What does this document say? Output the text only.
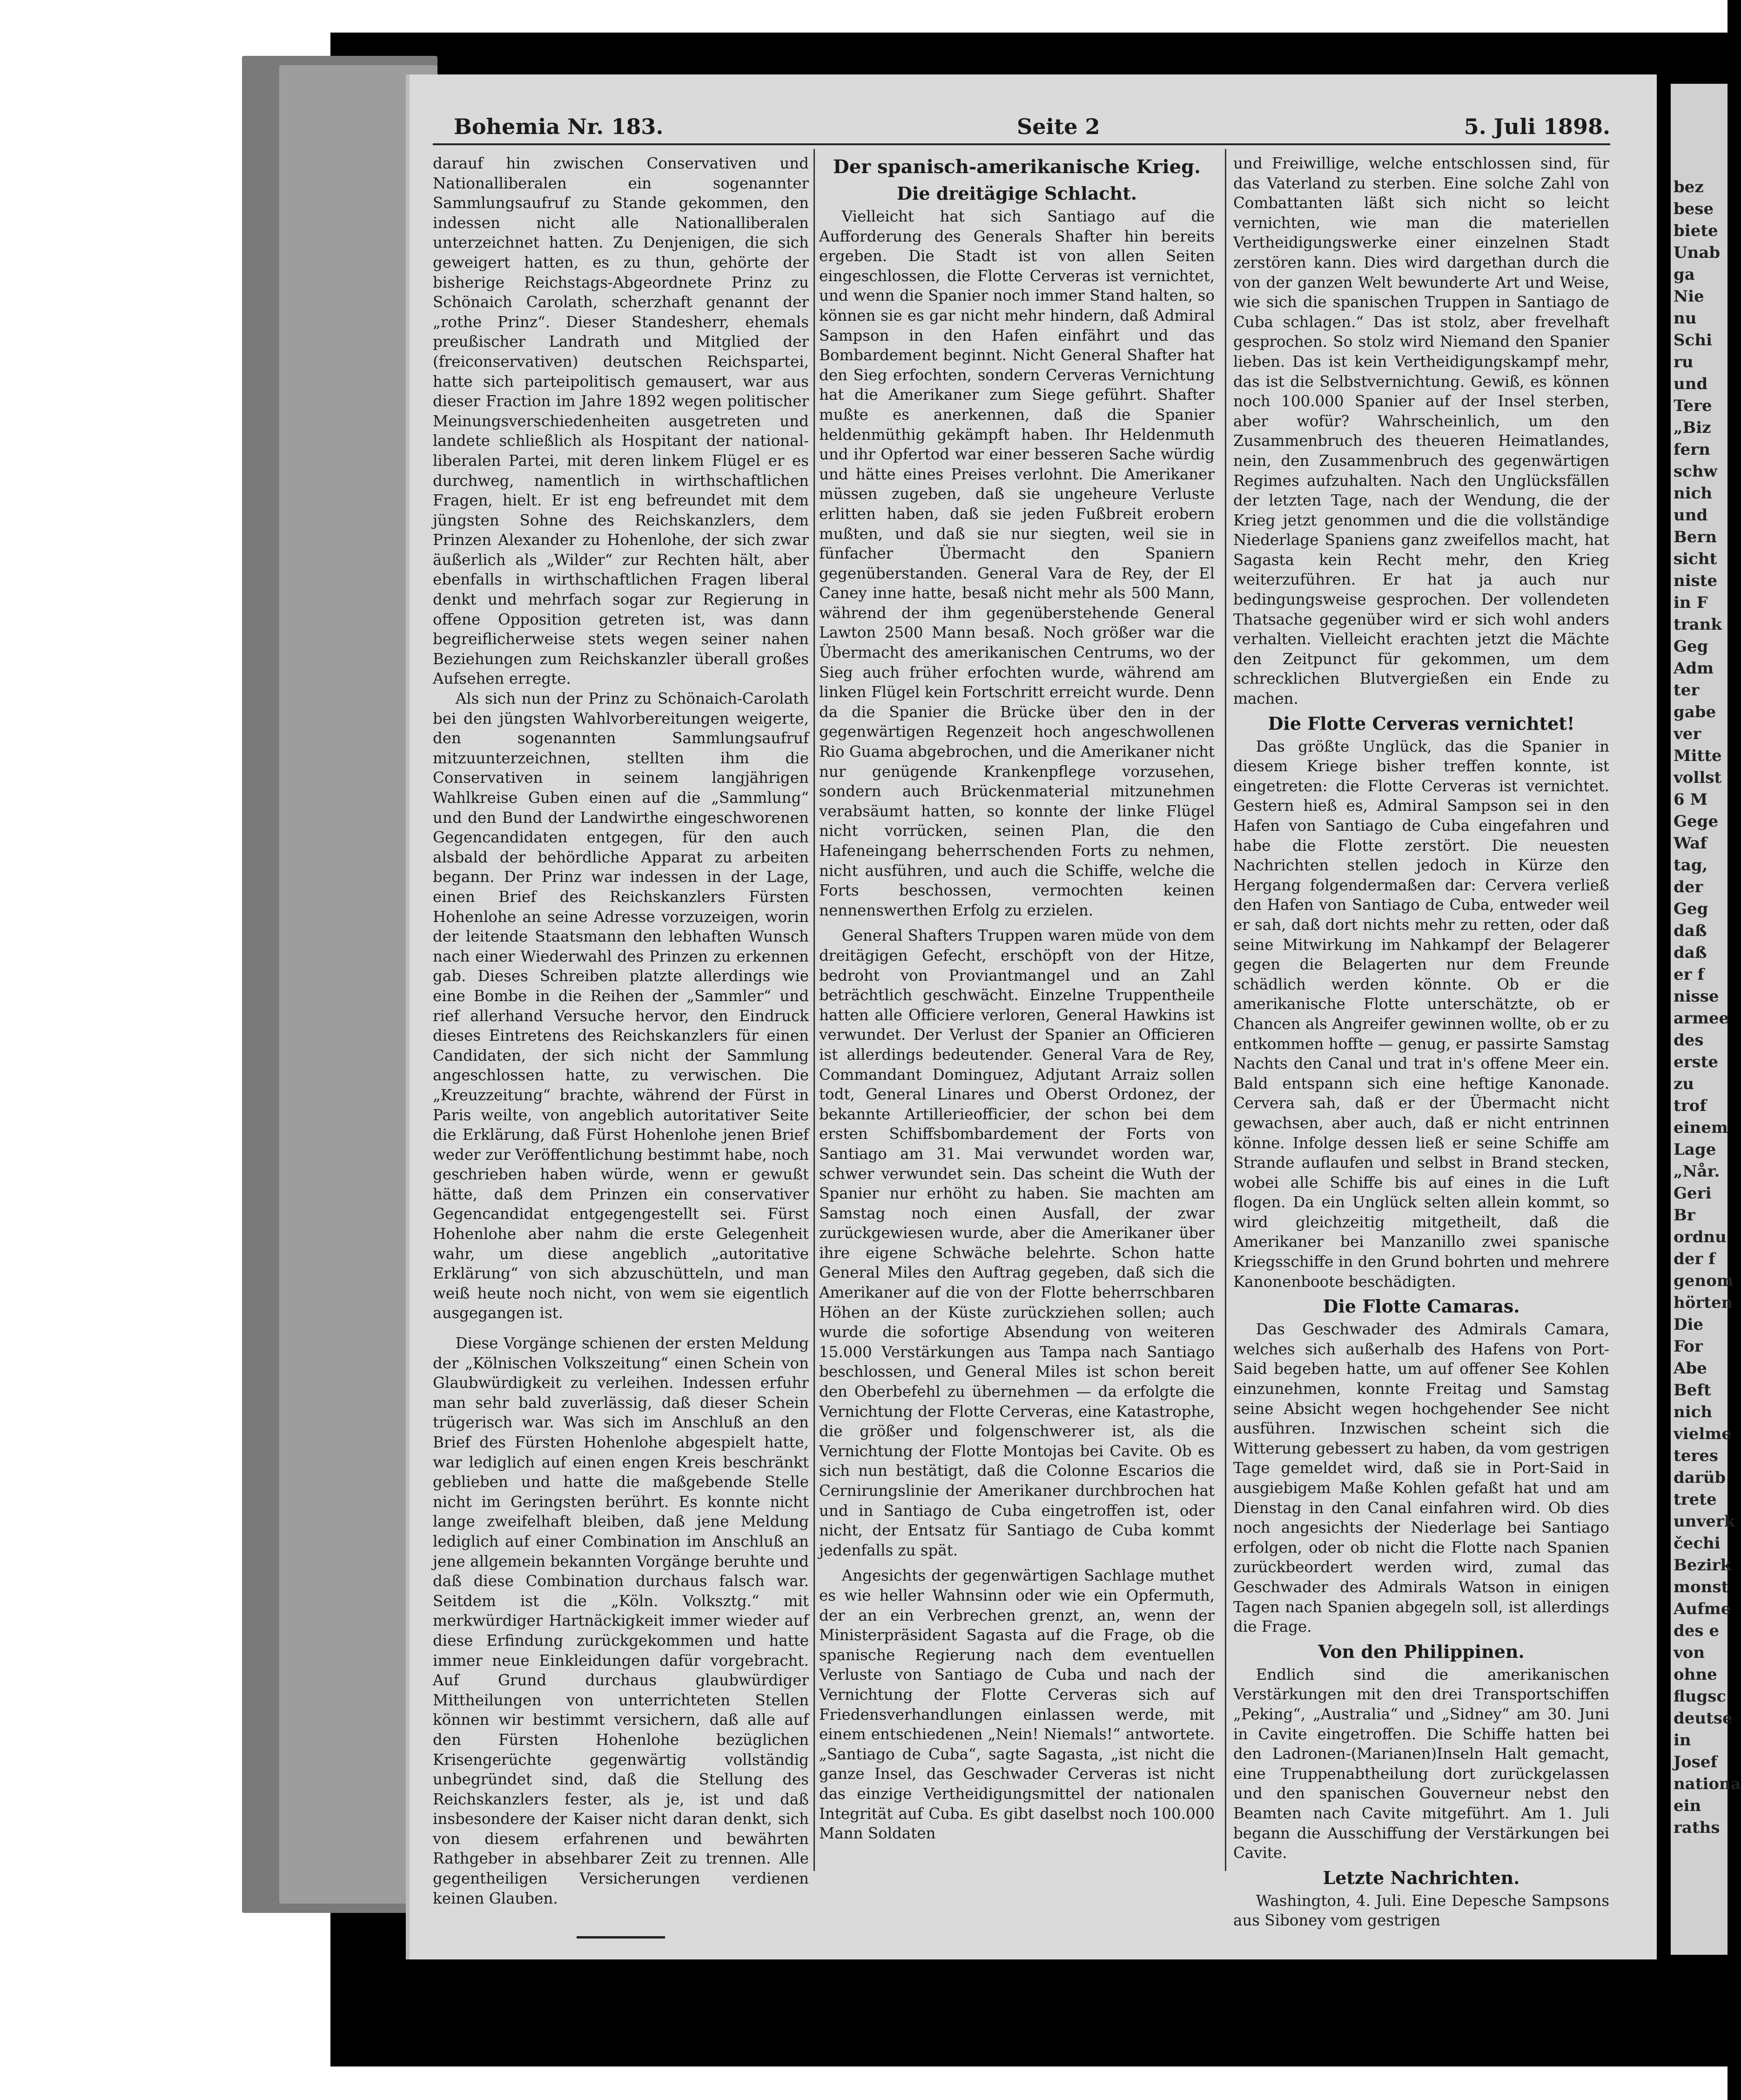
bez
bese
biete
Unab
ga
Nie
nu
Schi
ru
und
Tere
„Biz
fern
schw
nich
und
Bern
sicht
niste
in F
trank
Geg
Adm
ter
gabe
ver
Mitte
vollst
6 M
Gege
Waf
tag,
der
Geg
daß
daß
er f
nisse
armee
des
erste
zu
trof
einem
Lage
„Når.
Geri
Br
ordnu
der f
genom
hörten
Die
For
Abe
Beft
nich
vielme
teres
darüb
trete
unverk
čechi
Bezirk
monst
Aufme
des e
von
ohne
flugsc
deutse
in
Josef
nationa
ein
raths
Bohemia Nr. 183.	Seite 2	5. Juli 1898.

darauf hin zwischen Conservativen und Nationalliberalen ein sogenannter Sammlungsaufruf zu Stande gekommen, den indessen nicht alle Nationalliberalen unterzeichnet hatten. Zu Denjenigen, die sich geweigert hatten, es zu thun, gehörte der bisherige Reichstags-Abgeordnete Prinz zu Schönaich Carolath, scherzhaft genannt der „rothe Prinz“. Dieser Standesherr, ehemals preußischer Landrath und Mitglied der (freiconservativen) deutschen Reichspartei, hatte sich parteipolitisch gemausert, war aus dieser Fraction im Jahre 1892 wegen politischer Meinungsverschiedenheiten ausgetreten und landete schließlich als Hospitant der national-liberalen Partei, mit deren linkem Flügel er es durchweg, namentlich in wirthschaftlichen Fragen, hielt. Er ist eng befreundet mit dem jüngsten Sohne des Reichskanzlers, dem Prinzen Alexander zu Hohenlohe, der sich zwar äußerlich als „Wilder“ zur Rechten hält, aber ebenfalls in wirthschaftlichen Fragen liberal denkt und mehrfach sogar zur Regierung in offene Opposition getreten ist, was dann begreiflicherweise stets wegen seiner nahen Beziehungen zum Reichskanzler überall großes Aufsehen erregte.

Als sich nun der Prinz zu Schönaich-Carolath bei den jüngsten Wahlvorbereitungen weigerte, den sogenannten Sammlungsaufruf mitzuunterzeichnen, stellten ihm die Conservativen in seinem langjährigen Wahlkreise Guben einen auf die „Sammlung“ und den Bund der Landwirthe eingeschworenen Gegencandidaten entgegen, für den auch alsbald der behördliche Apparat zu arbeiten begann. Der Prinz war indessen in der Lage, einen Brief des Reichskanzlers Fürsten Hohenlohe an seine Adresse vorzuzeigen, worin der leitende Staatsmann den lebhaften Wunsch nach einer Wiederwahl des Prinzen zu erkennen gab. Dieses Schreiben platzte allerdings wie eine Bombe in die Reihen der „Sammler“ und rief allerhand Versuche hervor, den Eindruck dieses Eintretens des Reichskanzlers für einen Candidaten, der sich nicht der Sammlung angeschlossen hatte, zu verwischen. Die „Kreuzzeitung“ brachte, während der Fürst in Paris weilte, von angeblich autoritativer Seite die Erklärung, daß Fürst Hohenlohe jenen Brief weder zur Veröffentlichung bestimmt habe, noch geschrieben haben würde, wenn er gewußt hätte, daß dem Prinzen ein conservativer Gegencandidat entgegengestellt sei. Fürst Hohenlohe aber nahm die erste Gelegenheit wahr, um diese angeblich „autoritative Erklärung“ von sich abzuschütteln, und man weiß heute noch nicht, von wem sie eigentlich ausgegangen ist.

Diese Vorgänge schienen der ersten Meldung der „Kölnischen Volkszeitung“ einen Schein von Glaubwürdigkeit zu verleihen. Indessen erfuhr man sehr bald zuverlässig, daß dieser Schein trügerisch war. Was sich im Anschluß an den Brief des Fürsten Hohenlohe abgespielt hatte, war lediglich auf einen engen Kreis beschränkt geblieben und hatte die maßgebende Stelle nicht im Geringsten berührt. Es konnte nicht lange zweifelhaft bleiben, daß jene Meldung lediglich auf einer Combination im Anschluß an jene allgemein bekannten Vorgänge beruhte und daß diese Combination durchaus falsch war. Seitdem ist die „Köln. Volksztg.“ mit merkwürdiger Hartnäckigkeit immer wieder auf diese Erfindung zurückgekommen und hatte immer neue Einkleidungen dafür vorgebracht. Auf Grund durchaus glaubwürdiger Mittheilungen von unterrichteten Stellen können wir bestimmt versichern, daß alle auf den Fürsten Hohenlohe bezüglichen Krisengerüchte gegenwärtig vollständig unbegründet sind, daß die Stellung des Reichskanzlers fester, als je, ist und daß insbesondere der Kaiser nicht daran denkt, sich von diesem erfahrenen und bewährten Rathgeber in absehbarer Zeit zu trennen. Alle gegentheiligen Versicherungen verdienen keinen Glauben.

Der spanisch-amerikanische Krieg.

Die dreitägige Schlacht.

Vielleicht hat sich Santiago auf die Aufforderung des Generals Shafter hin bereits ergeben. Die Stadt ist von allen Seiten eingeschlossen, die Flotte Cerveras ist vernichtet, und wenn die Spanier noch immer Stand halten, so können sie es gar nicht mehr hindern, daß Admiral Sampson in den Hafen einfährt und das Bombardement beginnt. Nicht General Shafter hat den Sieg erfochten, sondern Cerveras Vernichtung hat die Amerikaner zum Siege geführt. Shafter mußte es anerkennen, daß die Spanier heldenmüthig gekämpft haben. Ihr Heldenmuth und ihr Opfertod war einer besseren Sache würdig und hätte eines Preises verlohnt. Die Amerikaner müssen zugeben, daß sie ungeheure Verluste erlitten haben, daß sie jeden Fußbreit erobern mußten, und daß sie nur siegten, weil sie in fünfacher Übermacht den Spaniern gegenüberstanden. General Vara de Rey, der El Caney inne hatte, besaß nicht mehr als 500 Mann, während der ihm gegenüberstehende General Lawton 2500 Mann besaß. Noch größer war die Übermacht des amerikanischen Centrums, wo der Sieg auch früher erfochten wurde, während am linken Flügel kein Fortschritt erreicht wurde. Denn da die Spanier die Brücke über den in der gegenwärtigen Regenzeit hoch angeschwollenen Rio Guama abgebrochen, und die Amerikaner nicht nur genügende Krankenpflege vorzusehen, sondern auch Brückenmaterial mitzunehmen verabsäumt hatten, so konnte der linke Flügel nicht vorrücken, seinen Plan, die den Hafeneingang beherrschenden Forts zu nehmen, nicht ausführen, und auch die Schiffe, welche die Forts beschossen, vermochten keinen nennenswerthen Erfolg zu erzielen.

General Shafters Truppen waren müde von dem dreitägigen Gefecht, erschöpft von der Hitze, bedroht von Proviantmangel und an Zahl beträchtlich geschwächt. Einzelne Truppentheile hatten alle Officiere verloren, General Hawkins ist verwundet. Der Verlust der Spanier an Officieren ist allerdings bedeutender. General Vara de Rey, Commandant Dominguez, Adjutant Arraiz sollen todt, General Linares und Oberst Ordonez, der bekannte Artillerieofficier, der schon bei dem ersten Schiffsbombardement der Forts von Santiago am 31. Mai verwundet worden war, schwer verwundet sein. Das scheint die Wuth der Spanier nur erhöht zu haben. Sie machten am Samstag noch einen Ausfall, der zwar zurückgewiesen wurde, aber die Amerikaner über ihre eigene Schwäche belehrte. Schon hatte General Miles den Auftrag gegeben, daß sich die Amerikaner auf die von der Flotte beherrschbaren Höhen an der Küste zurückziehen sollen; auch wurde die sofortige Absendung von weiteren 15.000 Verstärkungen aus Tampa nach Santiago beschlossen, und General Miles ist schon bereit den Oberbefehl zu übernehmen — da erfolgte die Vernichtung der Flotte Cerveras, eine Katastrophe, die größer und folgenschwerer ist, als die Vernichtung der Flotte Montojas bei Cavite. Ob es sich nun bestätigt, daß die Colonne Escarios die Cernirungslinie der Amerikaner durchbrochen hat und in Santiago de Cuba eingetroffen ist, oder nicht, der Entsatz für Santiago de Cuba kommt jedenfalls zu spät.

Angesichts der gegenwärtigen Sachlage muthet es wie heller Wahnsinn oder wie ein Opfermuth, der an ein Verbrechen grenzt, an, wenn der Ministerpräsident Sagasta auf die Frage, ob die spanische Regierung nach dem eventuellen Verluste von Santiago de Cuba und nach der Vernichtung der Flotte Cerveras sich auf Friedensverhandlungen einlassen werde, mit einem entschiedenen „Nein! Niemals!“ antwortete. „Santiago de Cuba“, sagte Sagasta, „ist nicht die ganze Insel, das Geschwader Cerveras ist nicht das einzige Vertheidigungsmittel der nationalen Integrität auf Cuba. Es gibt daselbst noch 100.000 Mann Soldaten

und Freiwillige, welche entschlossen sind, für das Vaterland zu sterben. Eine solche Zahl von Combattanten läßt sich nicht so leicht vernichten, wie man die materiellen Vertheidigungswerke einer einzelnen Stadt zerstören kann. Dies wird dargethan durch die von der ganzen Welt bewunderte Art und Weise, wie sich die spanischen Truppen in Santiago de Cuba schlagen.“ Das ist stolz, aber frevelhaft gesprochen. So stolz wird Niemand den Spanier lieben. Das ist kein Vertheidigungskampf mehr, das ist die Selbstvernichtung. Gewiß, es können noch 100.000 Spanier auf der Insel sterben, aber wofür? Wahrscheinlich, um den Zusammenbruch des theueren Heimatlandes, nein, den Zusammenbruch des gegenwärtigen Regimes aufzuhalten. Nach den Unglücksfällen der letzten Tage, nach der Wendung, die der Krieg jetzt genommen und die die vollständige Niederlage Spaniens ganz zweifellos macht, hat Sagasta kein Recht mehr, den Krieg weiterzuführen. Er hat ja auch nur bedingungsweise gesprochen. Der vollendeten Thatsache gegenüber wird er sich wohl anders verhalten. Vielleicht erachten jetzt die Mächte den Zeitpunct für gekommen, um dem schrecklichen Blutvergießen ein Ende zu machen.

Die Flotte Cerveras vernichtet!

Das größte Unglück, das die Spanier in diesem Kriege bisher treffen konnte, ist eingetreten: die Flotte Cerveras ist vernichtet. Gestern hieß es, Admiral Sampson sei in den Hafen von Santiago de Cuba eingefahren und habe die Flotte zerstört. Die neuesten Nachrichten stellen jedoch in Kürze den Hergang folgendermaßen dar: Cervera verließ den Hafen von Santiago de Cuba, entweder weil er sah, daß dort nichts mehr zu retten, oder daß seine Mitwirkung im Nahkampf der Belagerer gegen die Belagerten nur dem Freunde schädlich werden könnte. Ob er die amerikanische Flotte unterschätzte, ob er Chancen als Angreifer gewinnen wollte, ob er zu entkommen hoffte — genug, er passirte Samstag Nachts den Canal und trat in's offene Meer ein. Bald entspann sich eine heftige Kanonade. Cervera sah, daß er der Übermacht nicht gewachsen, aber auch, daß er nicht entrinnen könne. Infolge dessen ließ er seine Schiffe am Strande auflaufen und selbst in Brand stecken, wobei alle Schiffe bis auf eines in die Luft flogen. Da ein Unglück selten allein kommt, so wird gleichzeitig mitgetheilt, daß die Amerikaner bei Manzanillo zwei spanische Kriegsschiffe in den Grund bohrten und mehrere Kanonenboote beschädigten.

Die Flotte Camaras.

Das Geschwader des Admirals Camara, welches sich außerhalb des Hafens von Port-Said begeben hatte, um auf offener See Kohlen einzunehmen, konnte Freitag und Samstag seine Absicht wegen hochgehender See nicht ausführen. Inzwischen scheint sich die Witterung gebessert zu haben, da vom gestrigen Tage gemeldet wird, daß sie in Port-Said in ausgiebigem Maße Kohlen gefaßt hat und am Dienstag in den Canal einfahren wird. Ob dies noch angesichts der Niederlage bei Santiago erfolgen, oder ob nicht die Flotte nach Spanien zurückbeordert werden wird, zumal das Geschwader des Admirals Watson in einigen Tagen nach Spanien abgegeln soll, ist allerdings die Frage.

Von den Philippinen.

Endlich sind die amerikanischen Verstärkungen mit den drei Transportschiffen „Peking“, „Australia“ und „Sidney“ am 30. Juni in Cavite eingetroffen. Die Schiffe hatten bei den Ladronen-(Marianen)Inseln Halt gemacht, eine Truppenabtheilung dort zurückgelassen und den spanischen Gouverneur nebst den Beamten nach Cavite mitgeführt. Am 1. Juli begann die Ausschiffung der Verstärkungen bei Cavite.

Letzte Nachrichten.

Washington, 4. Juli. Eine Depesche Sampsons aus Siboney vom gestrigen
